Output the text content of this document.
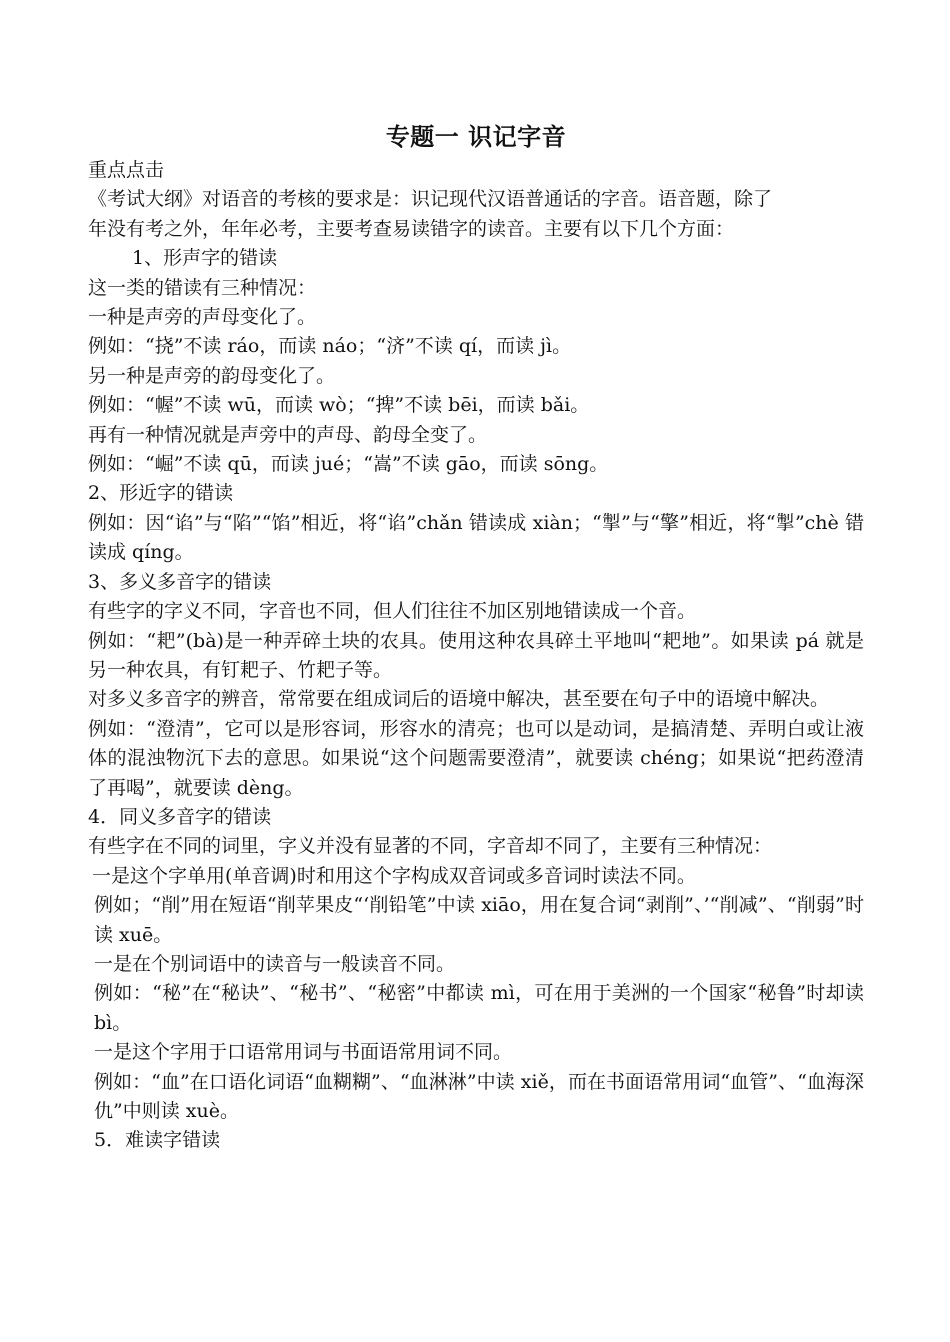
专题一 识记字音
重点点击
《考试大纲》对语音的考核的要求是：识记现代汉语普通话的字音。语音题，除了
年没有考之外，年年必考，主要考查易读错字的读音。主要有以下几个方面：
1、形声字的错读
这一类的错读有三种情况：
一种是声旁的声母变化了。
例如：“挠”不读 ráo，而读 náo；“济”不读 qí，而读 jì。
另一种是声旁的韵母变化了。
例如：“幄”不读 wū，而读 wò；“捭”不读 bēi，而读 bǎi。
再有一种情况就是声旁中的声母、韵母全变了。
例如：“崛”不读 qū，而读 jué；“嵩”不读 gāo，而读 sōng。
2、形近字的错读
例如：因“谄”与“陷”“馅”相近，将“谄”chǎn 错读成 xiàn；“掣”与“擎”相近，将“掣”chè 错读成 qíng。
3、多义多音字的错读
有些字的字义不同，字音也不同，但人们往往不加区别地错读成一个音。
例如：“耙”(bà)是一种弄碎土块的农具。使用这种农具碎土平地叫“耙地”。如果读 pá 就是另一种农具，有钉耙子、竹耙子等。
对多义多音字的辨音，常常要在组成词后的语境中解决，甚至要在句子中的语境中解决。
例如：“澄清”，它可以是形容词，形容水的清亮；也可以是动词，是搞清楚、弄明白或让液体的混浊物沉下去的意思。如果说“这个问题需要澄清”，就要读 chéng；如果说“把药澄清了再喝”，就要读 dèng。
4．同义多音字的错读
有些字在不同的词里，字义并没有显著的不同，字音却不同了，主要有三种情况：
一是这个字单用(单音调)时和用这个字构成双音词或多音词时读法不同。
例如；“削”用在短语“削苹果皮“‘削铅笔”中读 xiāo，用在复合词“剥削”、’“削减”、“削弱”时读 xuē。
一是在个别词语中的读音与一般读音不同。
例如：“秘”在“秘诀”、“秘书”、“秘密”中都读 mì，可在用于美洲的一个国家“秘鲁”时却读 bì。
一是这个字用于口语常用词与书面语常用词不同。
例如：“血”在口语化词语“血糊糊”、“血淋淋”中读 xiě，而在书面语常用词“血管”、“血海深仇”中则读 xuè。
5．难读字错读
